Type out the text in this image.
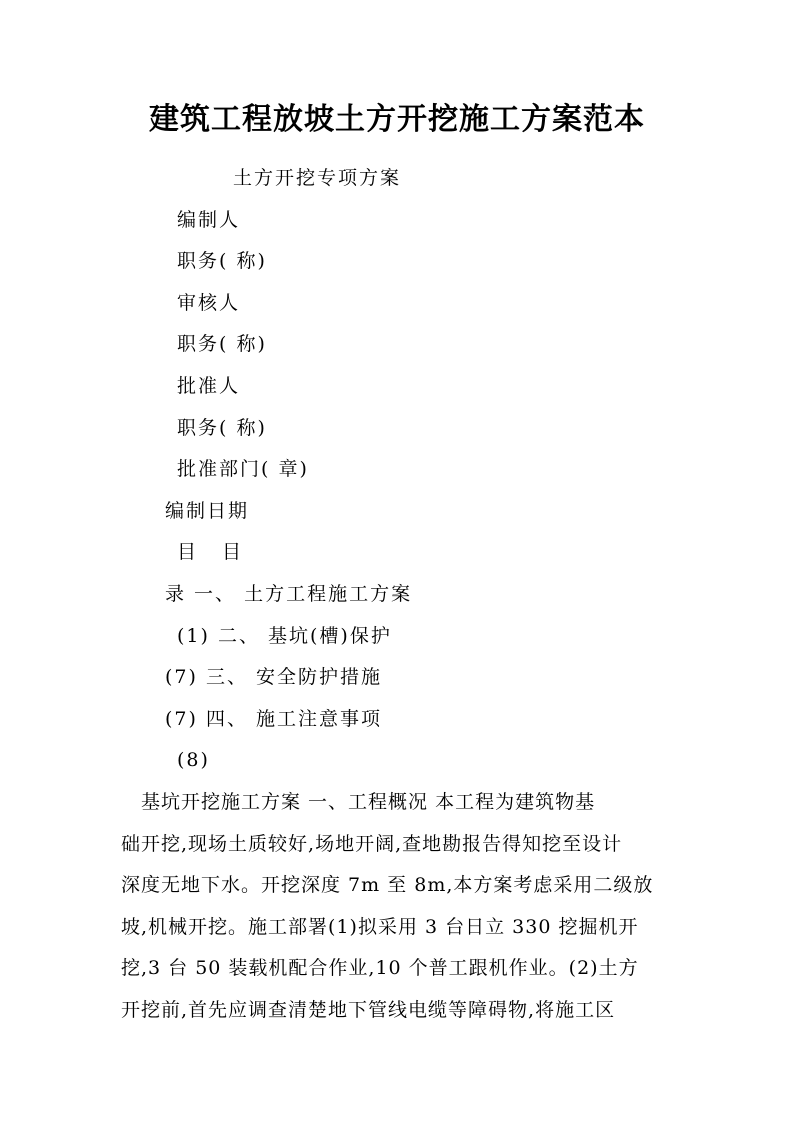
建筑工程放坡土方开挖施工方案范本
土方开挖专项方案
编制人
职务( 称)
审核人
职务( 称)
批准人
职务( 称)
批准部门( 章)
编制日期
目 目
录 一、 土方工程施工方案
(1) 二、 基坑(槽)保护
(7) 三、 安全防护措施
(7) 四、 施工注意事项
(8)
　基坑开挖施工方案 一、工程概况 本工程为建筑物基
础开挖,现场土质较好,场地开阔,查地勘报告得知挖至设计
深度无地下水。开挖深度 7m 至 8m,本方案考虑采用二级放
坡,机械开挖。施工部署(1)拟采用 3 台日立 330 挖掘机开
挖,3 台 50 装载机配合作业,10 个普工跟机作业。(2)土方
开挖前,首先应调查清楚地下管线电缆等障碍物,将施工区
